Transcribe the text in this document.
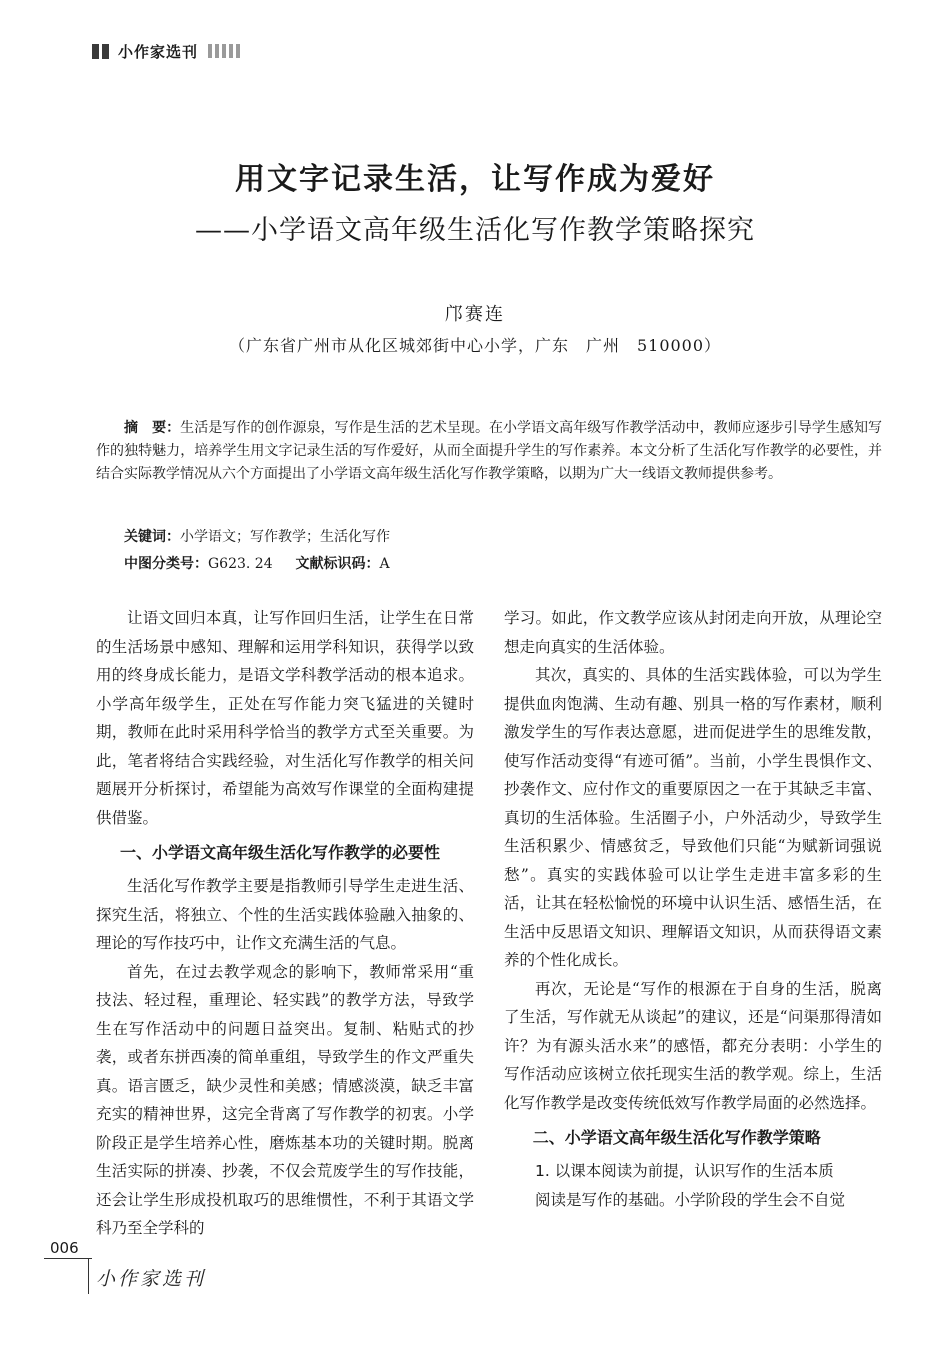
小作家选刊
用文字记录生活，让写作成为爱好
——小学语文高年级生活化写作教学策略探究
邝赛连
（广东省广州市从化区城郊街中心小学，广东　广州　510000）
摘　要：生活是写作的创作源泉，写作是生活的艺术呈现。在小学语文高年级写作教学活动中，教师应逐步引导学生感知写作的独特魅力，培养学生用文字记录生活的写作爱好，从而全面提升学生的写作素养。本文分析了生活化写作教学的必要性，并结合实际教学情况从六个方面提出了小学语文高年级生活化写作教学策略，以期为广大一线语文教师提供参考。
关键词：小学语文；写作教学；生活化写作
中图分类号：G623. 24 文献标识码：A

让语文回归本真，让写作回归生活，让学生在日常的生活场景中感知、理解和运用学科知识，获得学以致用的终身成长能力，是语文学科教学活动的根本追求。小学高年级学生，正处在写作能力突飞猛进的关键时期，教师在此时采用科学恰当的教学方式至关重要。为此，笔者将结合实践经验，对生活化写作教学的相关问题展开分析探讨，希望能为高效写作课堂的全面构建提供借鉴。

一、小学语文高年级生活化写作教学的必要性

生活化写作教学主要是指教师引导学生走进生活、探究生活，将独立、个性的生活实践体验融入抽象的、理论的写作技巧中，让作文充满生活的气息。

首先，在过去教学观念的影响下，教师常采用“重技法、轻过程，重理论、轻实践”的教学方法，导致学生在写作活动中的问题日益突出。复制、粘贴式的抄袭，或者东拼西凑的简单重组，导致学生的作文严重失真。语言匮乏，缺少灵性和美感；情感淡漠，缺乏丰富充实的精神世界，这完全背离了写作教学的初衷。小学阶段正是学生培养心性，磨炼基本功的关键时期。脱离生活实际的拼凑、抄袭，不仅会荒废学生的写作技能，还会让学生形成投机取巧的思维惯性，不利于其语文学科乃至全学科的

学习。如此，作文教学应该从封闭走向开放，从理论空想走向真实的生活体验。

其次，真实的、具体的生活实践体验，可以为学生提供血肉饱满、生动有趣、别具一格的写作素材，顺利激发学生的写作表达意愿，进而促进学生的思维发散，使写作活动变得“有迹可循”。当前，小学生畏惧作文、抄袭作文、应付作文的重要原因之一在于其缺乏丰富、真切的生活体验。生活圈子小，户外活动少，导致学生生活积累少、情感贫乏，导致他们只能“为赋新词强说愁”。真实的实践体验可以让学生走进丰富多彩的生活，让其在轻松愉悦的环境中认识生活、感悟生活，在生活中反思语文知识、理解语文知识，从而获得语文素养的个性化成长。

再次，无论是“写作的根源在于自身的生活，脱离了生活，写作就无从谈起”的建议，还是“问渠那得清如许？为有源头活水来”的感悟，都充分表明：小学生的写作活动应该树立依托现实生活的教学观。综上，生活化写作教学是改变传统低效写作教学局面的必然选择。

二、小学语文高年级生活化写作教学策略
1. 以课本阅读为前提，认识写作的生活本质

阅读是写作的基础。小学阶段的学生会不自觉

006
小作家选刊
